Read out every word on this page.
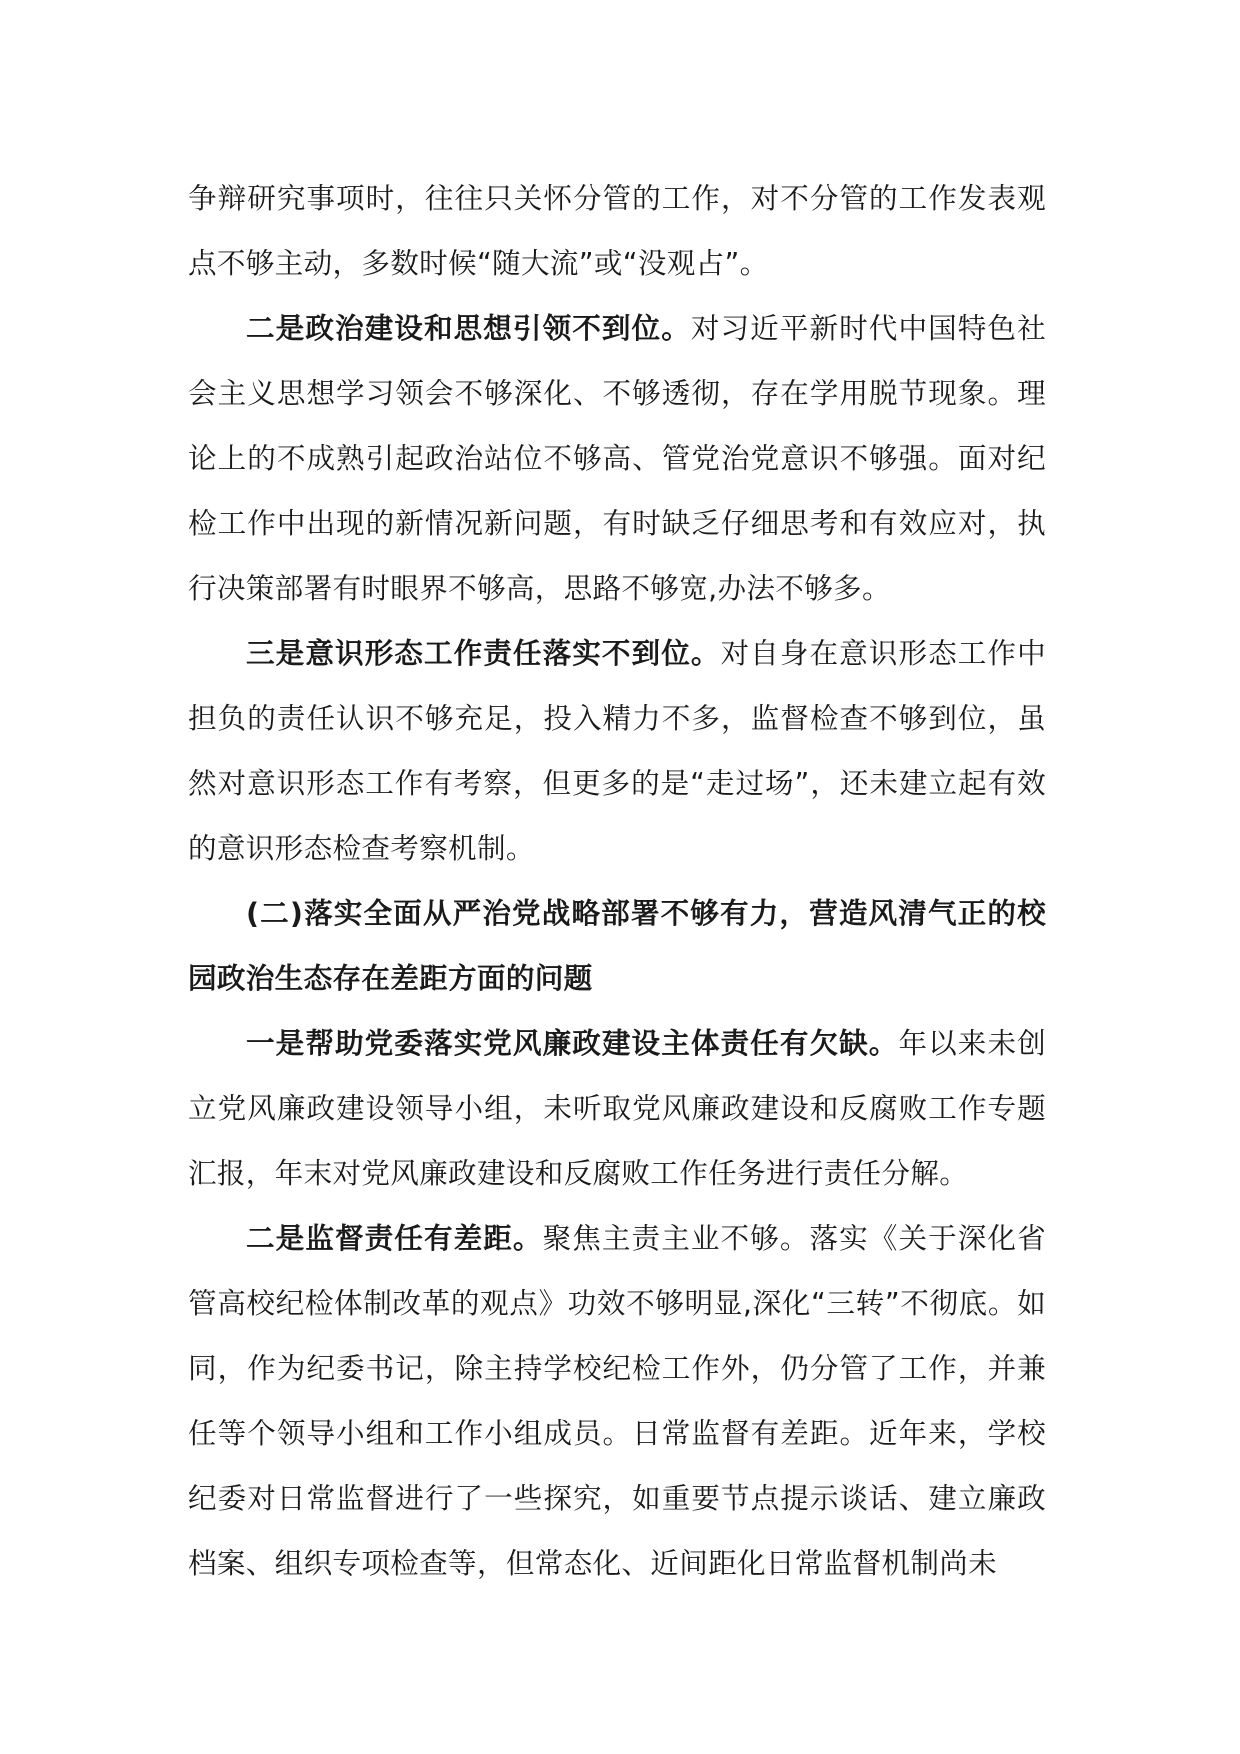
争辩研究事项时，往往只关怀分管的工作，对不分管的工作发表观点不够主动，多数时候“随大流”或“没观占”。

二是政治建设和思想引领不到位。对习近平新时代中国特色社会主义思想学习领会不够深化、不够透彻，存在学用脱节现象。理论上的不成熟引起政治站位不够高、管党治党意识不够强。面对纪检工作中出现的新情况新问题，有时缺乏仔细思考和有效应对，执行决策部署有时眼界不够高，思路不够宽,办法不够多。

三是意识形态工作责任落实不到位。对自身在意识形态工作中担负的责任认识不够充足，投入精力不多，监督检查不够到位，虽然对意识形态工作有考察，但更多的是“走过场”，还未建立起有效的意识形态检查考察机制。

(二)落实全面从严治党战略部署不够有力，营造风清气正的校园政治生态存在差距方面的问题

一是帮助党委落实党风廉政建设主体责任有欠缺。年以来未创立党风廉政建设领导小组，未听取党风廉政建设和反腐败工作专题汇报，年末对党风廉政建设和反腐败工作任务进行责任分解。

二是监督责任有差距。聚焦主责主业不够。落实《关于深化省管高校纪检体制改革的观点》功效不够明显,深化“三转”不彻底。如同，作为纪委书记，除主持学校纪检工作外，仍分管了工作，并兼任等个领导小组和工作小组成员。日常监督有差距。近年来，学校纪委对日常监督进行了一些探究，如重要节点提示谈话、建立廉政档案、组织专项检查等，但常态化、近间距化日常监督机制尚未
